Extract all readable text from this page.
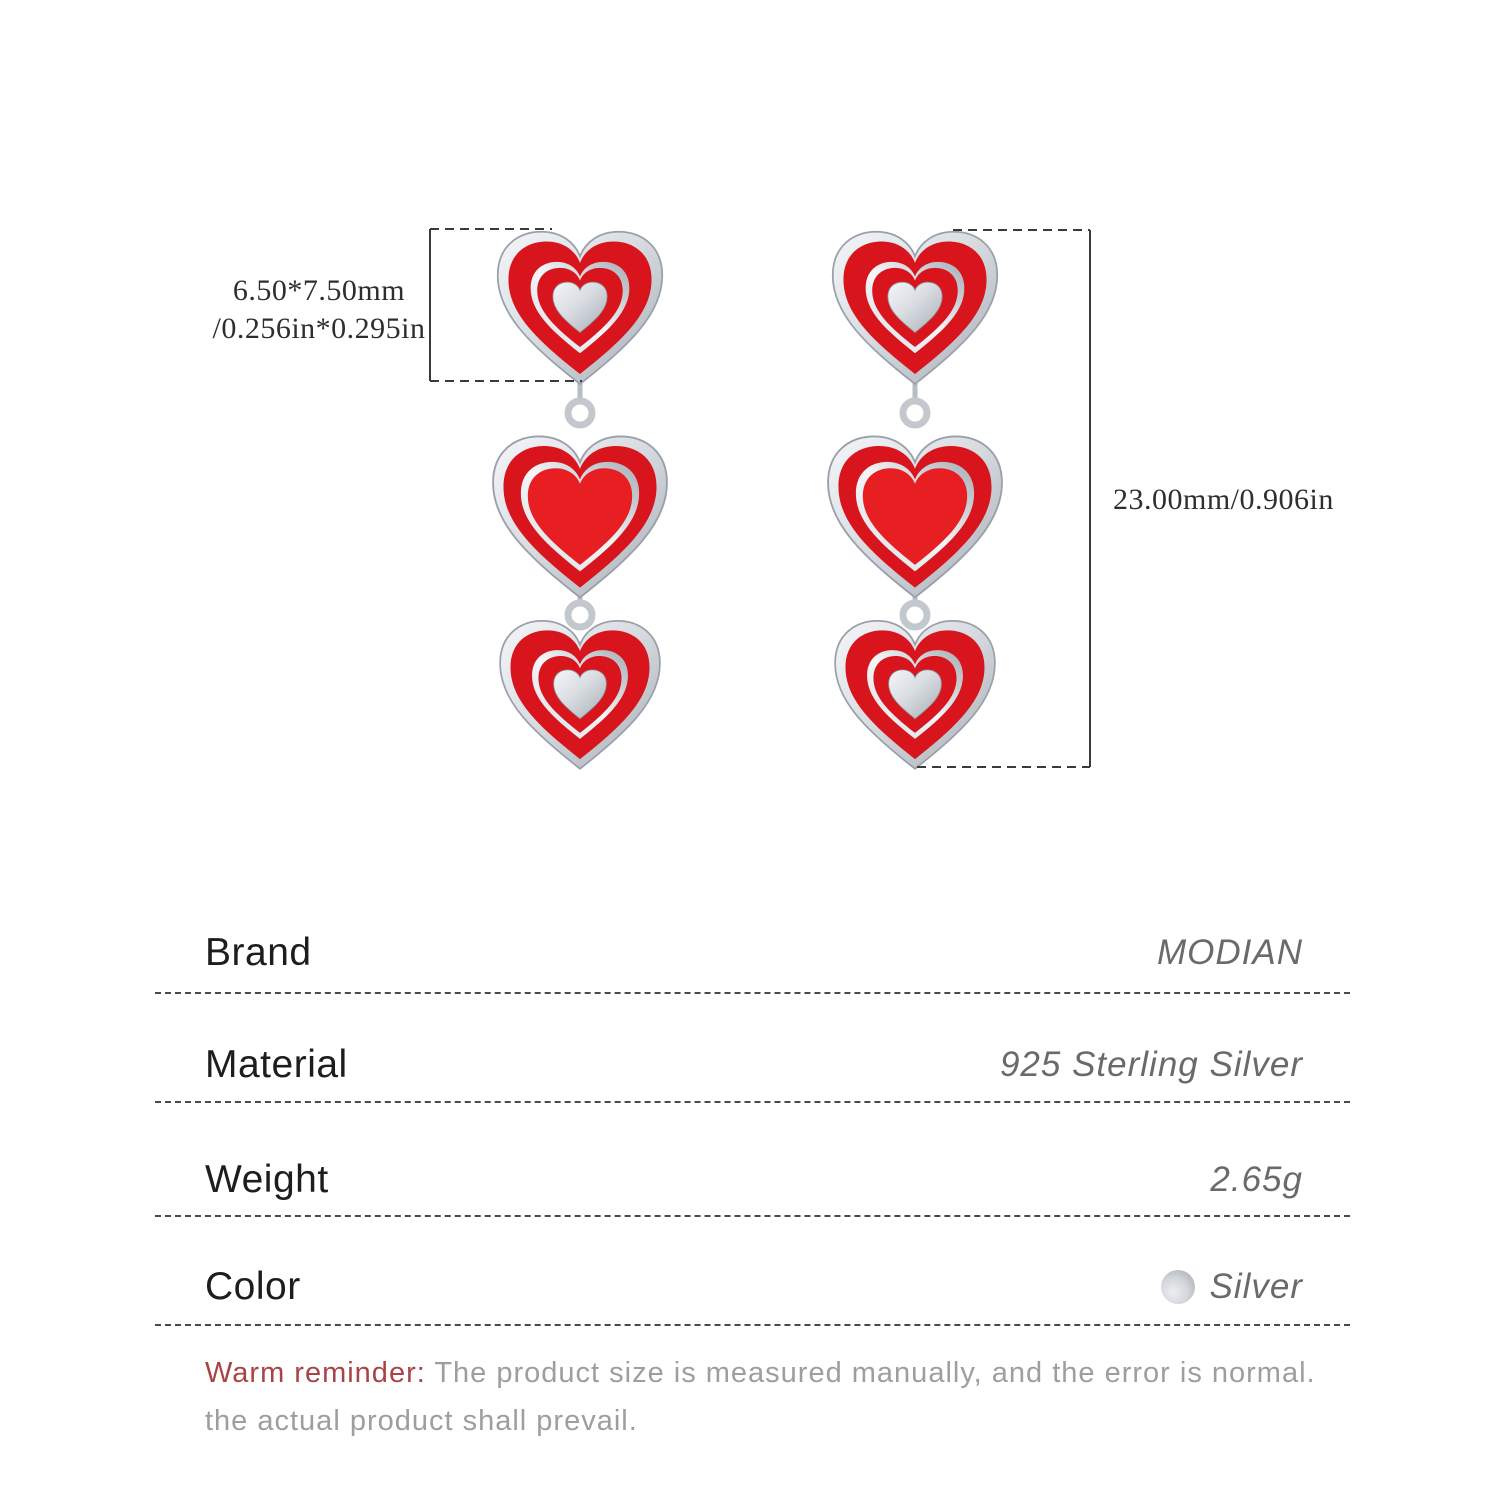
6.50*7.50mm
/0.256in*0.295in
23.00mm/0.906in
Brand	MODIAN
Material	925 Sterling Silver
Weight	2.65g
Color	Silver
Warm reminder: The product size is measured manually, and the error is normal.
the actual product shall prevail.
